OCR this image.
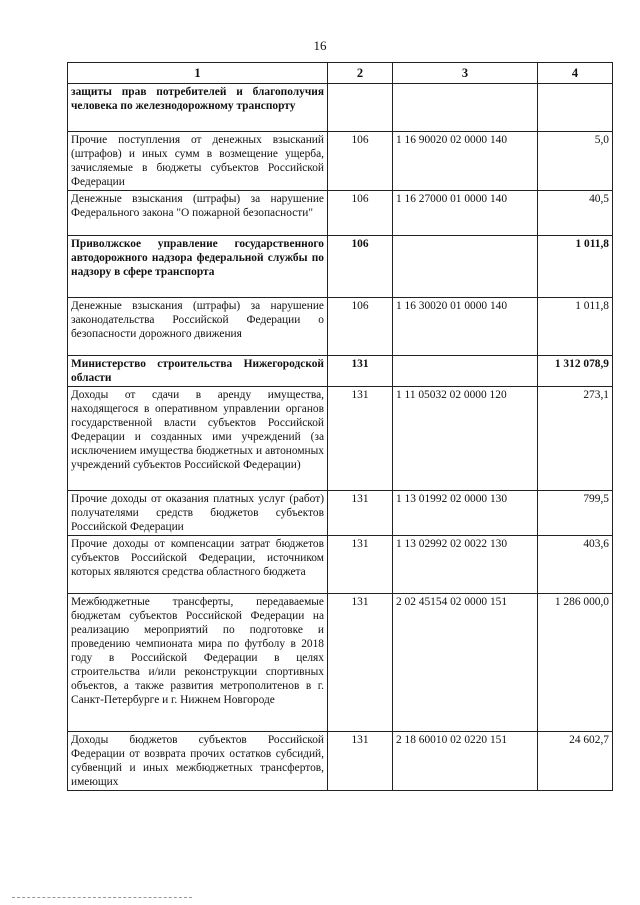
16
1	2	3	4
защиты прав потребителей и благополучия человека по железнодорожному транспорту			
Прочие поступления от денежных взысканий (штрафов) и иных сумм в возмещение ущерба, зачисляемые в бюджеты субъектов Российской Федерации	106	1 16 90020 02 0000 140	5,0
Денежные взыскания (штрафы) за нарушение Федерального закона "О пожарной безопасности"	106	1 16 27000 01 0000 140	40,5
Приволжское управление государственного автодорожного надзора федеральной службы по надзору в сфере транспорта	106		1 011,8
Денежные взыскания (штрафы) за нарушение законодательства Российской Федерации о безопасности дорожного движения	106	1 16 30020 01 0000 140	1 011,8
Министерство строительства Нижегородской области	131		1 312 078,9
Доходы от сдачи в аренду имущества, находящегося в оперативном управлении органов государственной власти субъектов Российской Федерации и созданных ими учреждений (за исключением имущества бюджетных и автономных учреждений субъектов Российской Федерации)	131	1 11 05032 02 0000 120	273,1
Прочие доходы от оказания платных услуг (работ) получателями средств бюджетов субъектов Российской Федерации	131	1 13 01992 02 0000 130	799,5
Прочие доходы от компенсации затрат бюджетов субъектов Российской Федерации, источником которых являются средства областного бюджета	131	1 13 02992 02 0022 130	403,6
Межбюджетные трансферты, передаваемые бюджетам субъектов Российской Федерации на реализацию мероприятий по подготовке и проведению чемпионата мира по футболу в 2018 году в Российской Федерации в целях строительства и/или реконструкции спортивных объектов, а также развития метрополитенов в г. Санкт-Петербурге и г. Нижнем Новгороде	131	2 02 45154 02 0000 151	1 286 000,0
Доходы бюджетов субъектов Российской Федерации от возврата прочих остатков субсидий, субвенций и иных межбюджетных трансфертов, имеющих	131	2 18 60010 02 0220 151	24 602,7
